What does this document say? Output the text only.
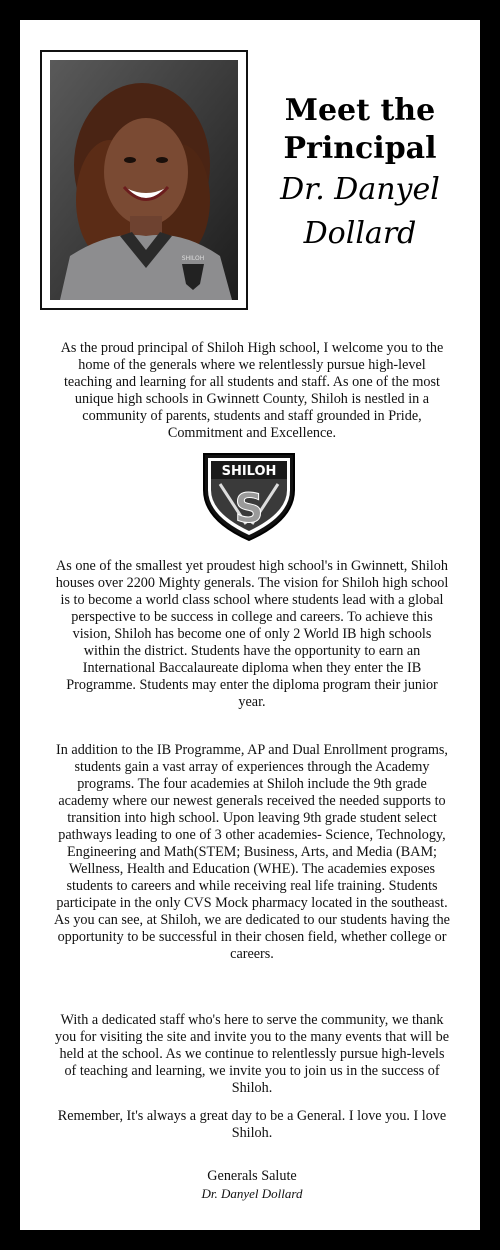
SHILOH
Meet the
Principal
Dr. Danyel
Dollard

As the proud principal of Shiloh High school, I welcome you to the home of the generals where we relentlessly pursue high-level teaching and learning for all students and staff. As one of the most unique high schools in Gwinnett County, Shiloh is nestled in a community of parents, students and staff grounded in Pride, Commitment and Excellence.

SHILOH
S

As one of the smallest yet proudest high school's in Gwinnett, Shiloh houses over 2200 Mighty generals. The vision for Shiloh high school is to become a world class school where students lead with a global perspective to be success in college and careers. To achieve this vision, Shiloh has become one of only 2 World IB high schools within the district. Students have the opportunity to earn an International Baccalaureate diploma when they enter the IB Programme. Students may enter the diploma program their junior year.

In addition to the IB Programme, AP and Dual Enrollment programs, students gain a vast array of experiences through the Academy programs. The four academies at Shiloh include the 9th grade academy where our newest generals received the needed supports to transition into high school. Upon leaving 9th grade student select pathways leading to one of 3 other academies- Science, Technology, Engineering and Math(STEM; Business, Arts, and Media (BAM; Wellness, Health and Education (WHE). The academies exposes students to careers and while receiving real life training. Students participate in the only CVS Mock pharmacy located in the southeast. As you can see, at Shiloh, we are dedicated to our students having the opportunity to be successful in their chosen field, whether college or careers.

With a dedicated staff who's here to serve the community, we thank you for visiting the site and invite you to the many events that will be held at the school. As we continue to relentlessly pursue high-levels of teaching and learning, we invite you to join us in the success of Shiloh.

Remember, It's always a great day to be a General. I love you. I love Shiloh.

Generals Salute
Dr. Danyel Dollard
